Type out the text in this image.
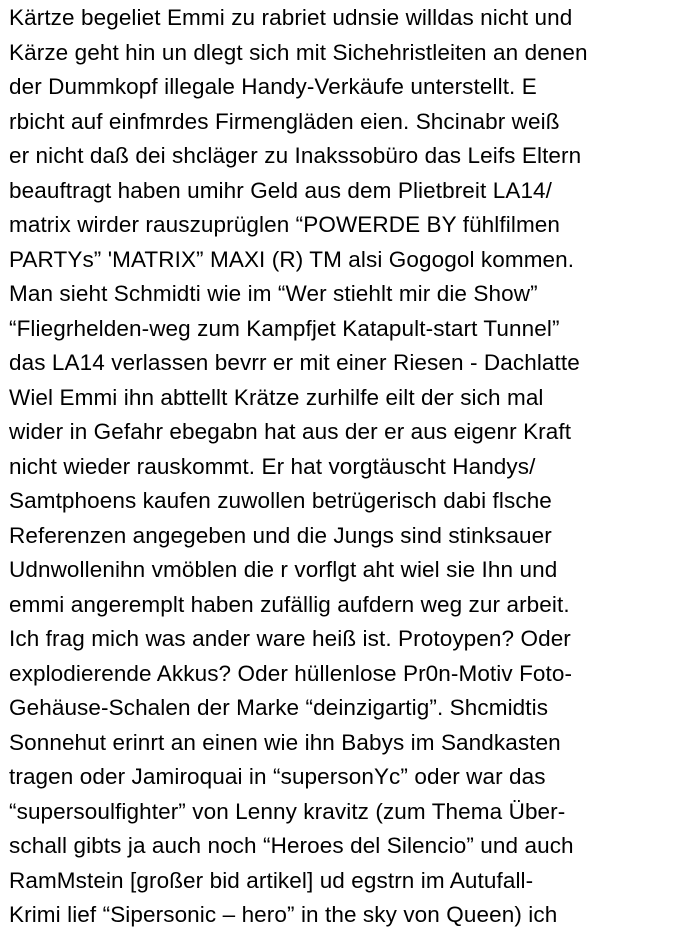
Kärtze begeliet Emmi zu rabriet udnsie willdas nicht und
Kärze geht hin un dlegt sich mit Sichehristleiten an denen
der Dummkopf illegale Handy-Verkäufe unterstellt. E
rbicht auf einfmrdes Firmengläden eien. Shcinabr weiß
er nicht daß dei shcläger zu Inakssobüro das Leifs Eltern
beauftragt haben umihr Geld aus dem Plietbreit LA14/
matrix wirder rauszuprüglen “POWERDE BY fühlfilmen
PARTYs” 'MATRIX” MAXI (R) TM alsi Gogogol kommen.
Man sieht Schmidti wie im “Wer stiehlt mir die Show”
“Fliegrhelden-weg zum Kampfjet Katapult-start Tunnel”
das LA14 verlassen bevrr er mit einer Riesen - Dachlatte
Wiel Emmi ihn abttellt Krätze zurhilfe eilt der sich mal
wider in Gefahr ebegabn hat aus der er aus eigenr Kraft
nicht wieder rauskommt. Er hat vorgtäuscht Handys/
Samtphoens kaufen zuwollen betrügerisch dabi flsche
Referenzen angegeben und die Jungs sind stinksauer
Udnwollenihn vmöblen die r vorflgt aht wiel sie Ihn und
emmi angeremplt haben zufällig aufdern weg zur arbeit.
Ich frag mich was ander ware heiß ist. Protoypen? Oder
explodierende Akkus? Oder hüllenlose Pr0n-Motiv Foto-
Gehäuse-Schalen der Marke “deinzigartig”. Shcmidtis
Sonnehut erinrt an einen wie ihn Babys im Sandkasten
tragen oder Jamiroquai in “supersonYc” oder war das
“supersoulfighter” von Lenny kravitz (zum Thema Über-
schall gibts ja auch noch “Heroes del Silencio” und auch
RamMstein [großer bid artikel] ud egstrn im Autufall-
Krimi lief “Sipersonic – hero” in the sky von Queen) ich
